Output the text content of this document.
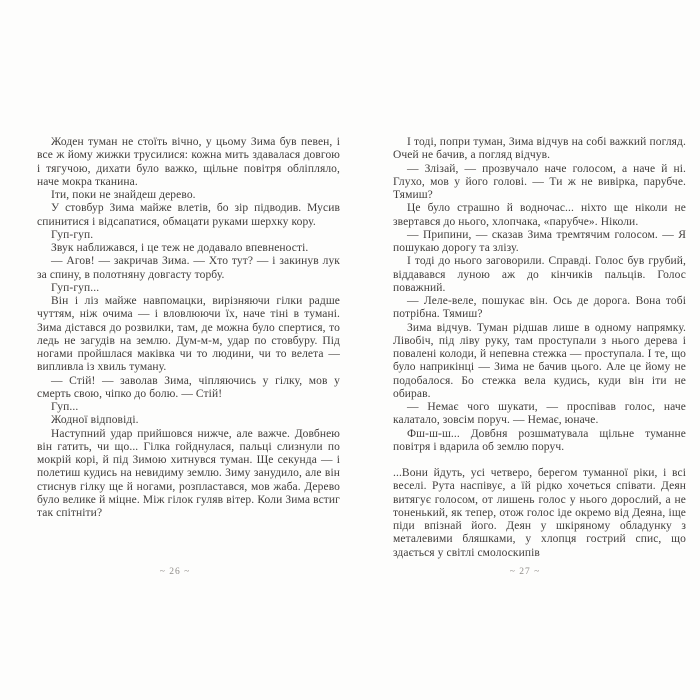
Жоден туман не стоїть вічно, у цьому Зима був певен, і все ж йому жижки трусилися: кожна мить здавалася довгою і тягучою, дихати було важко, щільне повітря обліпляло, наче мокра тканина.

Іти, поки не знайдеш дерево.

У стовбур Зима майже влетів, бо зір підводив. Мусив спинитися і відсапатися, обмацати руками шерхку кору.

Гуп-гуп.

Звук наближався, і це теж не додавало впевненості.

— Агов! — закричав Зима. — Хто тут? — і закинув лук за спину, в полотняну довгасту торбу.

Гуп-гуп...

Він і ліз майже навпомацки, вирізняючи гілки радше чуттям, ніж очима — і вловлюючи їх, наче тіні в тумані. Зима дістався до розвилки, там, де можна було спертися, то ледь не загудів на землю. Дум-м-м, удар по стовбуру. Під ногами пройшлася маківка чи то людини, чи то велета — випливла із хвиль туману.

— Стій! — заволав Зима, чіпляючись у гілку, мов у смерть свою, чіпко до болю. — Стій!

Гуп...

Жодної відповіді.

Наступний удар прийшовся нижче, але важче. Довбнею він гатить, чи що... Гілка гойднулася, пальці слизнули по мокрій корі, й під Зимою хитнувся туман. Ще секунда — і полетиш кудись на невидиму землю. Зиму занудило, але він стиснув гілку ще й ногами, розпластався, мов жаба. Дерево було велике й міцне. Між гілок гуляв вітер. Коли Зима встиг так спітніти?

І тоді, попри туман, Зима відчув на собі важкий погляд. Очей не бачив, а погляд відчув.

— Злізай, — прозвучало наче голосом, а наче й ні. Глухо, мов у його голові. — Ти ж не вивірка, парубче. Тямиш?

Це було страшно й водночас... ніхто ще ніколи не звертався до нього, хлопчака, «парубче». Ніколи.

— Припини, — сказав Зима тремтячим голосом. — Я пошукаю дорогу та злізу.

І тоді до нього заговорили. Справді. Голос був грубий, віддавався луною аж до кінчиків пальців. Голос поважний.

— Леле-веле, пошукає він. Ось де дорога. Вона тобі потрібна. Тямиш?

Зима відчув. Туман рідшав лише в одному напрямку. Лівобіч, під ліву руку, там проступали з нього дерева і повалені колоди, й непевна стежка — проступала. І те, що було наприкінці — Зима не бачив цього. Але це йому не подобалося. Бо стежка вела кудись, куди він іти не обирав.

— Немає чого шукати, — проспівав голос, наче калатало, зовсім поруч. — Немає, юначе.

Фш-ш-ш... Довбня розшматувала щільне туманне повітря і вдарила об землю поруч.

...Вони йдуть, усі четверо, берегом туманної ріки, і всі веселі. Рута наспівує, а їй рідко хочеться співати. Деян витягує голосом, от лишень голос у нього дорослий, а не тоненький, як тепер, отож голос іде окремо від Деяна, іще піди впізнай його. Деян у шкіряному обладунку з металевими бляшками, у хлопця гострий спис, що здається у світлі смолоскипів

~ 26 ~	~ 27 ~
